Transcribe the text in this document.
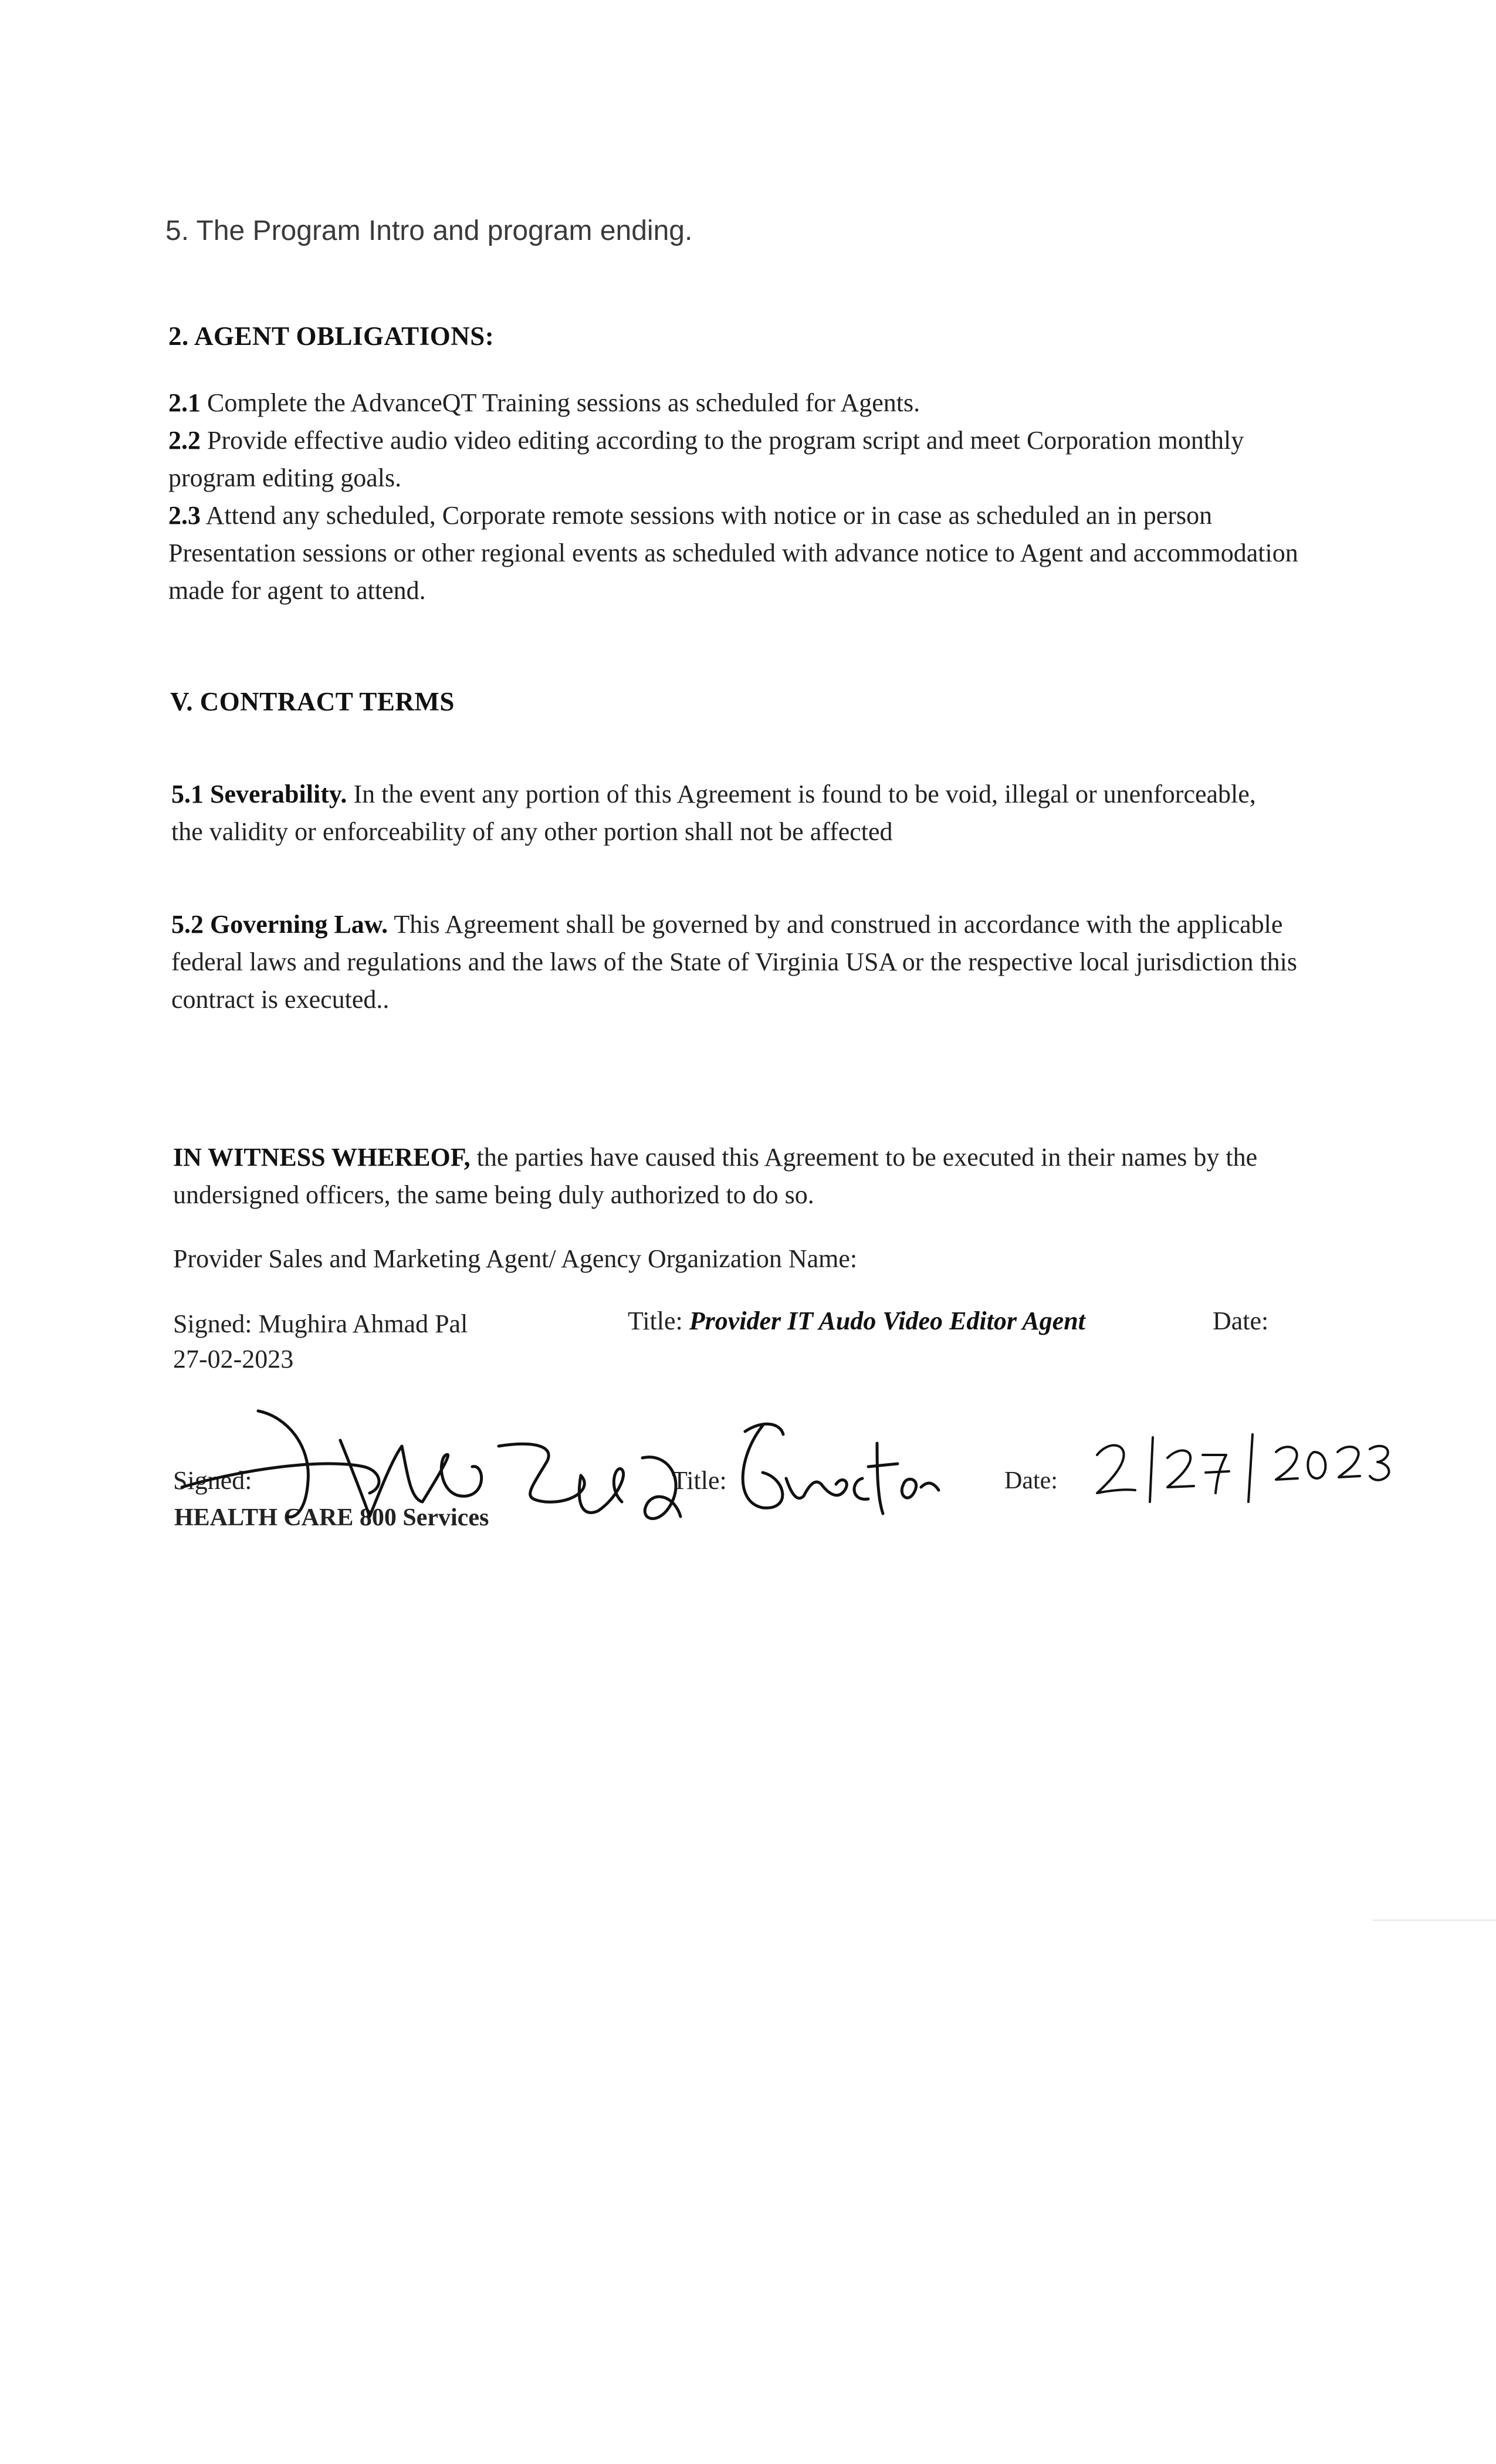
5. The Program Intro and program ending.
2. AGENT OBLIGATIONS:
2.1 Complete the AdvanceQT Training sessions as scheduled for Agents.
2.2 Provide effective audio video editing according to the program script and meet Corporation monthly program editing goals.
2.3 Attend any scheduled, Corporate remote sessions with notice or in case as scheduled an in person Presentation sessions or other regional events as scheduled with advance notice to Agent and accommodation made for agent to attend.
V. CONTRACT TERMS
5.1 Severability. In the event any portion of this Agreement is found to be void, illegal or unenforceable, the validity or enforceability of any other portion shall not be affected
5.2 Governing Law. This Agreement shall be governed by and construed in accordance with the applicable federal laws and regulations and the laws of the State of Virginia USA or the respective local jurisdiction this contract is executed..
IN WITNESS WHEREOF, the parties have caused this Agreement to be executed in their names by the undersigned officers, the same being duly authorized to do so.
Provider Sales and Marketing Agent/ Agency Organization Name:
Signed: Mughira Ahmad Pal	Title: Provider IT Audo Video Editor Agent	Date:
27-02-2023
Signed:	Title:	Date:
HEALTH CARE 800 Services
